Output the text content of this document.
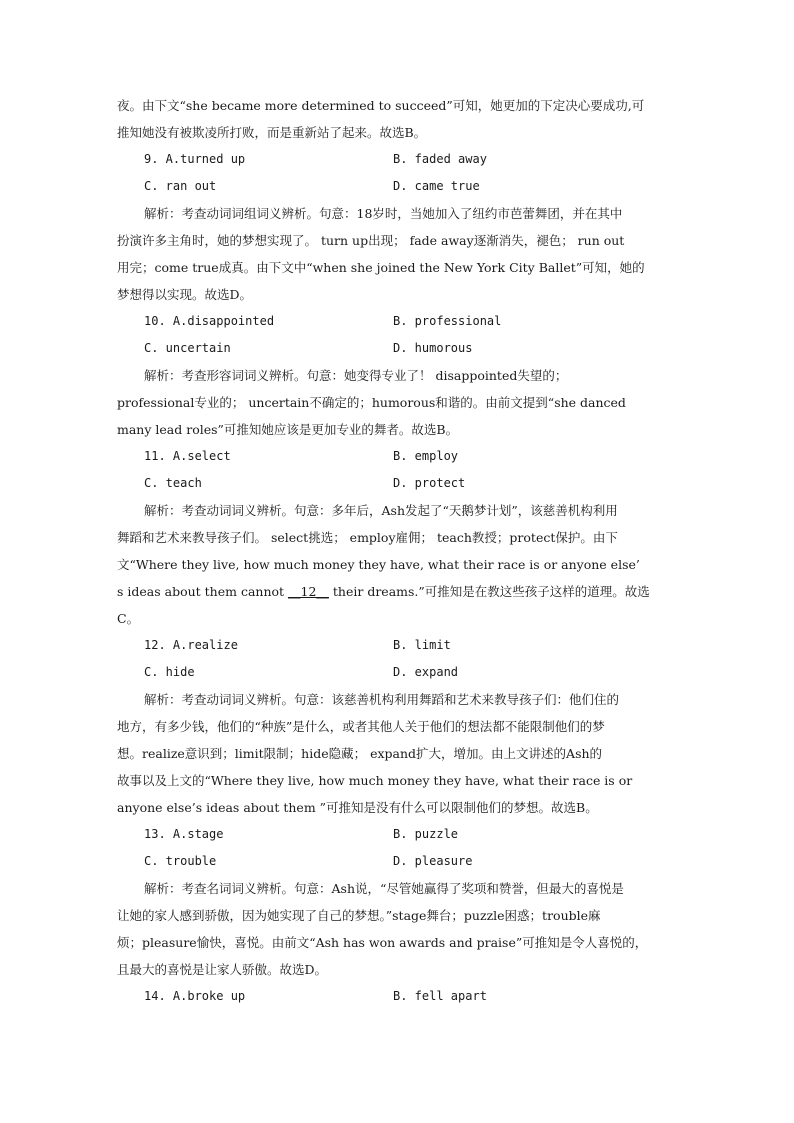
夜。由下文“she became more determined to succeed”可知，她更加的下定决心要成功,可

推知她没有被欺凌所打败，而是重新站了起来。故选B。

9. A.turned up	B. faded away
C. ran out	D. came true

解析：考查动词词组词义辨析。句意：18岁时，当她加入了纽约市芭蕾舞团，并在其中

扮演许多主角时，她的梦想实现了。 turn up出现； fade away逐渐消失，褪色； run out

用完；come true成真。由下文中“when she joined the New York City Ballet”可知，她的

梦想得以实现。故选D。

10. A.disappointed	B. professional
C. uncertain	D. humorous

解析：考查形容词词义辨析。句意：她变得专业了！ disappointed失望的；

professional专业的； uncertain不确定的；humorous和谐的。由前文提到“she danced

many lead roles”可推知她应该是更加专业的舞者。故选B。

11. A.select	B. employ
C. teach	D. protect

解析：考查动词词义辨析。句意：多年后，Ash发起了“天鹅梦计划”，该慈善机构利用

舞蹈和艺术来教导孩子们。 select挑选； employ雇佣； teach教授；protect保护。由下

文“Where they live, how much money they have, what their race is or anyone else’

s ideas about them cannot __12__ their dreams.”可推知是在教这些孩子这样的道理。故选

C。

12. A.realize	B. limit
C. hide	D. expand

解析：考查动词词义辨析。句意：该慈善机构利用舞蹈和艺术来教导孩子们：他们住的

地方，有多少钱，他们的“种族”是什么，或者其他人关于他们的想法都不能限制他们的梦

想。realize意识到；limit限制；hide隐藏； expand扩大，增加。由上文讲述的Ash的

故事以及上文的“Where they live, how much money they have, what their race is or

anyone else’s ideas about them ”可推知是没有什么可以限制他们的梦想。故选B。

13. A.stage	B. puzzle
C. trouble	D. pleasure

解析：考查名词词义辨析。句意：Ash说，“尽管她赢得了奖项和赞誉，但最大的喜悦是

让她的家人感到骄傲，因为她实现了自己的梦想。”stage舞台；puzzle困惑；trouble麻

烦；pleasure愉快，喜悦。由前文“Ash has won awards and praise”可推知是令人喜悦的，

且最大的喜悦是让家人骄傲。故选D。

14. A.broke up	B. fell apart
